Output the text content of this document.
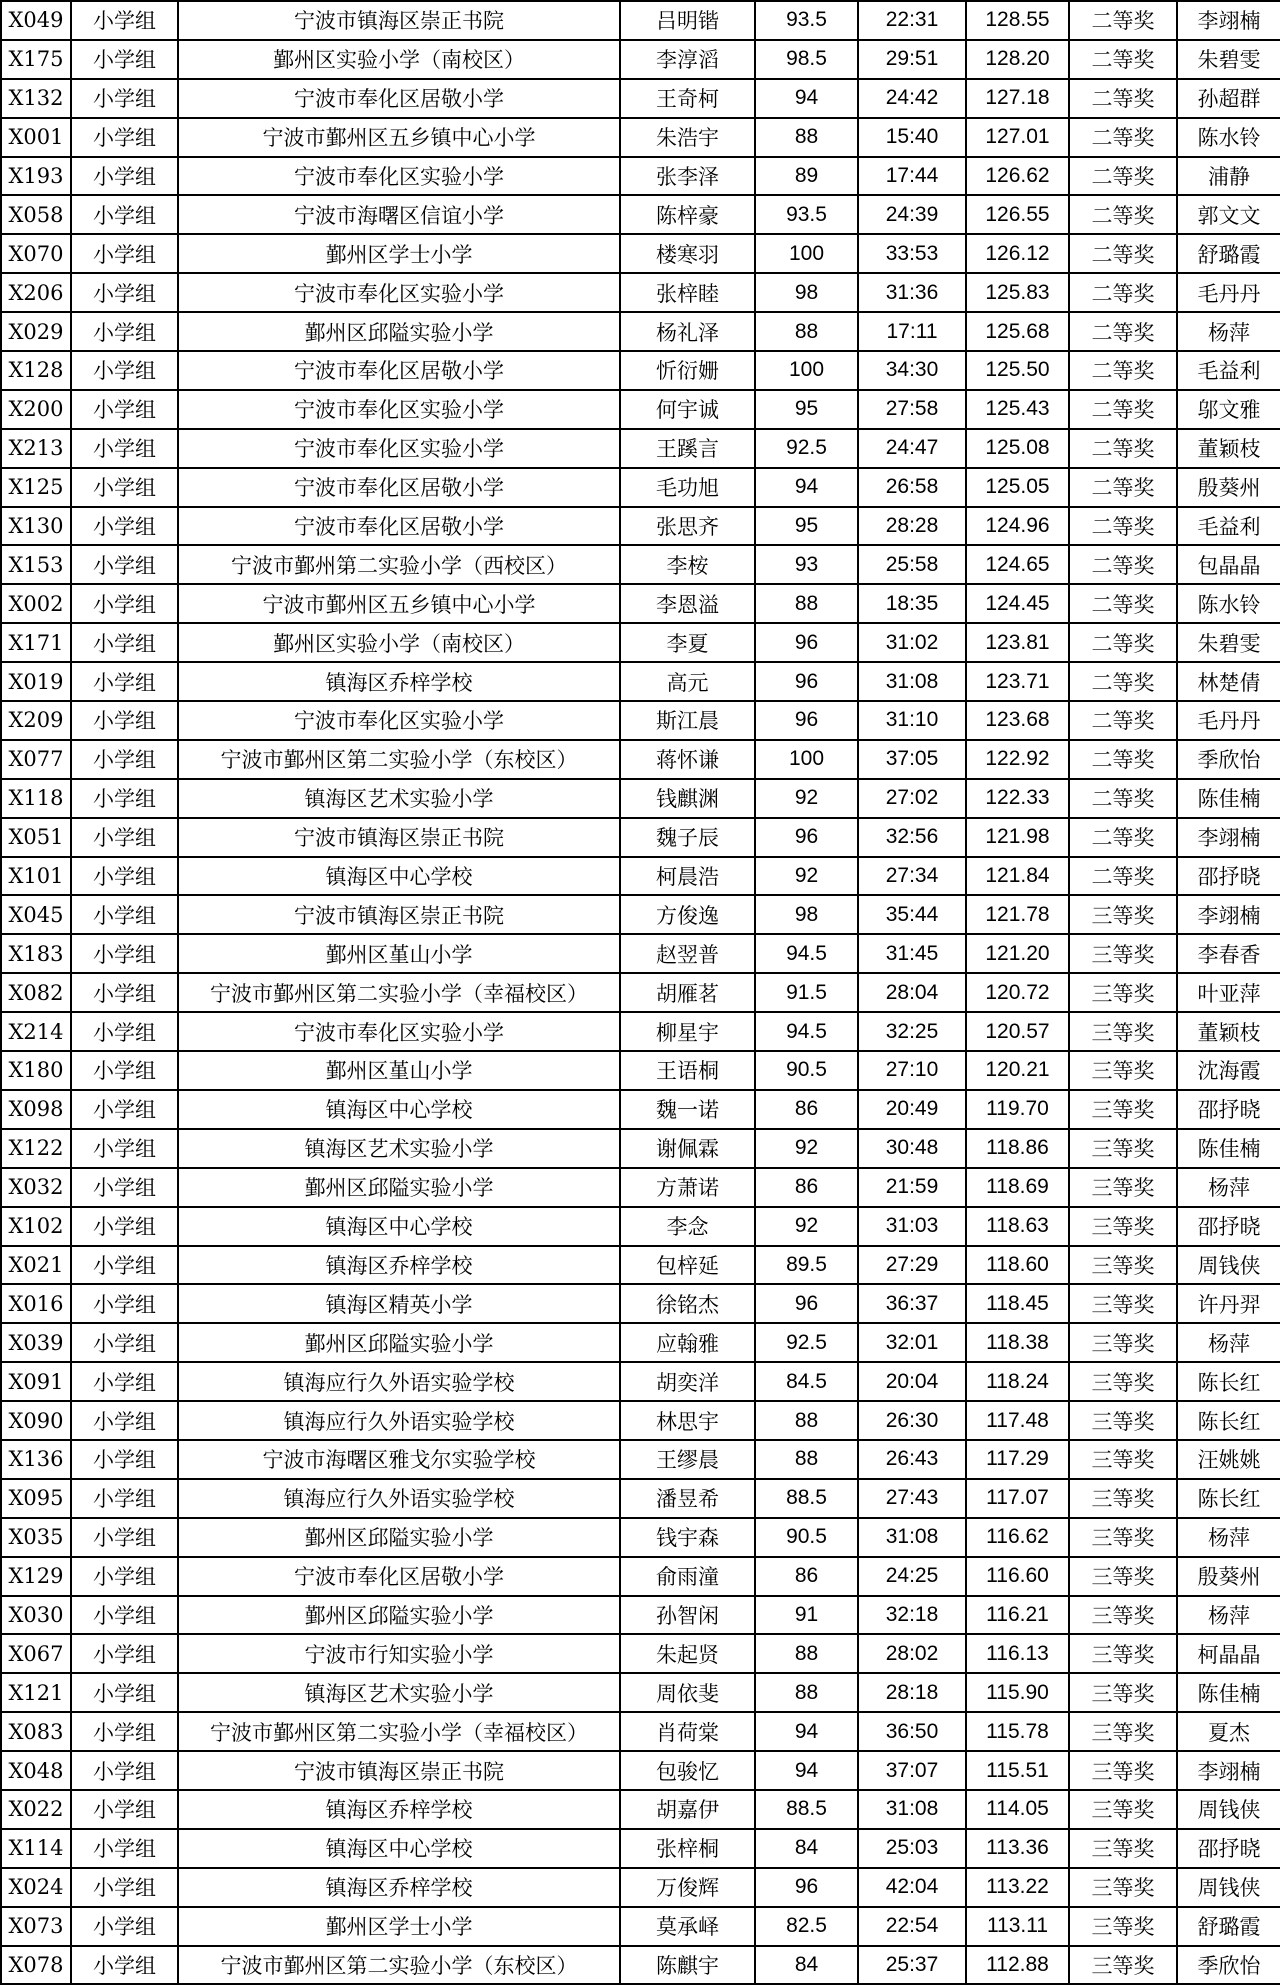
X049	小学组	宁波市镇海区崇正书院	吕明锴	93.5	22:31	128.55	二等奖	李翊楠
X175	小学组	鄞州区实验小学（南校区）	李淳滔	98.5	29:51	128.20	二等奖	朱碧雯
X132	小学组	宁波市奉化区居敬小学	王奇柯	94	24:42	127.18	二等奖	孙超群
X001	小学组	宁波市鄞州区五乡镇中心小学	朱浩宇	88	15:40	127.01	二等奖	陈水铃
X193	小学组	宁波市奉化区实验小学	张李泽	89	17:44	126.62	二等奖	浦静
X058	小学组	宁波市海曙区信谊小学	陈梓豪	93.5	24:39	126.55	二等奖	郭文文
X070	小学组	鄞州区学士小学	楼寒羽	100	33:53	126.12	二等奖	舒璐霞
X206	小学组	宁波市奉化区实验小学	张梓睦	98	31:36	125.83	二等奖	毛丹丹
X029	小学组	鄞州区邱隘实验小学	杨礼泽	88	17:11	125.68	二等奖	杨萍
X128	小学组	宁波市奉化区居敬小学	忻衍姗	100	34:30	125.50	二等奖	毛益利
X200	小学组	宁波市奉化区实验小学	何宇诚	95	27:58	125.43	二等奖	邬文雅
X213	小学组	宁波市奉化区实验小学	王蹊言	92.5	24:47	125.08	二等奖	董颖枝
X125	小学组	宁波市奉化区居敬小学	毛功旭	94	26:58	125.05	二等奖	殷葵州
X130	小学组	宁波市奉化区居敬小学	张思齐	95	28:28	124.96	二等奖	毛益利
X153	小学组	宁波市鄞州第二实验小学（西校区）	李桉	93	25:58	124.65	二等奖	包晶晶
X002	小学组	宁波市鄞州区五乡镇中心小学	李恩溢	88	18:35	124.45	二等奖	陈水铃
X171	小学组	鄞州区实验小学（南校区）	李夏	96	31:02	123.81	二等奖	朱碧雯
X019	小学组	镇海区乔梓学校	高元	96	31:08	123.71	二等奖	林楚倩
X209	小学组	宁波市奉化区实验小学	斯江晨	96	31:10	123.68	二等奖	毛丹丹
X077	小学组	宁波市鄞州区第二实验小学（东校区）	蒋怀谦	100	37:05	122.92	二等奖	季欣怡
X118	小学组	镇海区艺术实验小学	钱麒渊	92	27:02	122.33	二等奖	陈佳楠
X051	小学组	宁波市镇海区崇正书院	魏子辰	96	32:56	121.98	二等奖	李翊楠
X101	小学组	镇海区中心学校	柯晨浩	92	27:34	121.84	二等奖	邵抒晓
X045	小学组	宁波市镇海区崇正书院	方俊逸	98	35:44	121.78	三等奖	李翊楠
X183	小学组	鄞州区堇山小学	赵翌普	94.5	31:45	121.20	三等奖	李春香
X082	小学组	宁波市鄞州区第二实验小学（幸福校区）	胡雁茗	91.5	28:04	120.72	三等奖	叶亚萍
X214	小学组	宁波市奉化区实验小学	柳星宇	94.5	32:25	120.57	三等奖	董颖枝
X180	小学组	鄞州区堇山小学	王语桐	90.5	27:10	120.21	三等奖	沈海霞
X098	小学组	镇海区中心学校	魏一诺	86	20:49	119.70	三等奖	邵抒晓
X122	小学组	镇海区艺术实验小学	谢佩霖	92	30:48	118.86	三等奖	陈佳楠
X032	小学组	鄞州区邱隘实验小学	方萧诺	86	21:59	118.69	三等奖	杨萍
X102	小学组	镇海区中心学校	李念	92	31:03	118.63	三等奖	邵抒晓
X021	小学组	镇海区乔梓学校	包梓延	89.5	27:29	118.60	三等奖	周钱侠
X016	小学组	镇海区精英小学	徐铭杰	96	36:37	118.45	三等奖	许丹羿
X039	小学组	鄞州区邱隘实验小学	应翰雅	92.5	32:01	118.38	三等奖	杨萍
X091	小学组	镇海应行久外语实验学校	胡奕洋	84.5	20:04	118.24	三等奖	陈长红
X090	小学组	镇海应行久外语实验学校	林思宇	88	26:30	117.48	三等奖	陈长红
X136	小学组	宁波市海曙区雅戈尔实验学校	王缪晨	88	26:43	117.29	三等奖	汪姚姚
X095	小学组	镇海应行久外语实验学校	潘昱希	88.5	27:43	117.07	三等奖	陈长红
X035	小学组	鄞州区邱隘实验小学	钱宇森	90.5	31:08	116.62	三等奖	杨萍
X129	小学组	宁波市奉化区居敬小学	俞雨潼	86	24:25	116.60	三等奖	殷葵州
X030	小学组	鄞州区邱隘实验小学	孙智闲	91	32:18	116.21	三等奖	杨萍
X067	小学组	宁波市行知实验小学	朱起贤	88	28:02	116.13	三等奖	柯晶晶
X121	小学组	镇海区艺术实验小学	周依斐	88	28:18	115.90	三等奖	陈佳楠
X083	小学组	宁波市鄞州区第二实验小学（幸福校区）	肖荷棠	94	36:50	115.78	三等奖	夏杰
X048	小学组	宁波市镇海区崇正书院	包骏忆	94	37:07	115.51	三等奖	李翊楠
X022	小学组	镇海区乔梓学校	胡嘉伊	88.5	31:08	114.05	三等奖	周钱侠
X114	小学组	镇海区中心学校	张梓桐	84	25:03	113.36	三等奖	邵抒晓
X024	小学组	镇海区乔梓学校	万俊辉	96	42:04	113.22	三等奖	周钱侠
X073	小学组	鄞州区学士小学	莫承峄	82.5	22:54	113.11	三等奖	舒璐霞
X078	小学组	宁波市鄞州区第二实验小学（东校区）	陈麒宇	84	25:37	112.88	三等奖	季欣怡
